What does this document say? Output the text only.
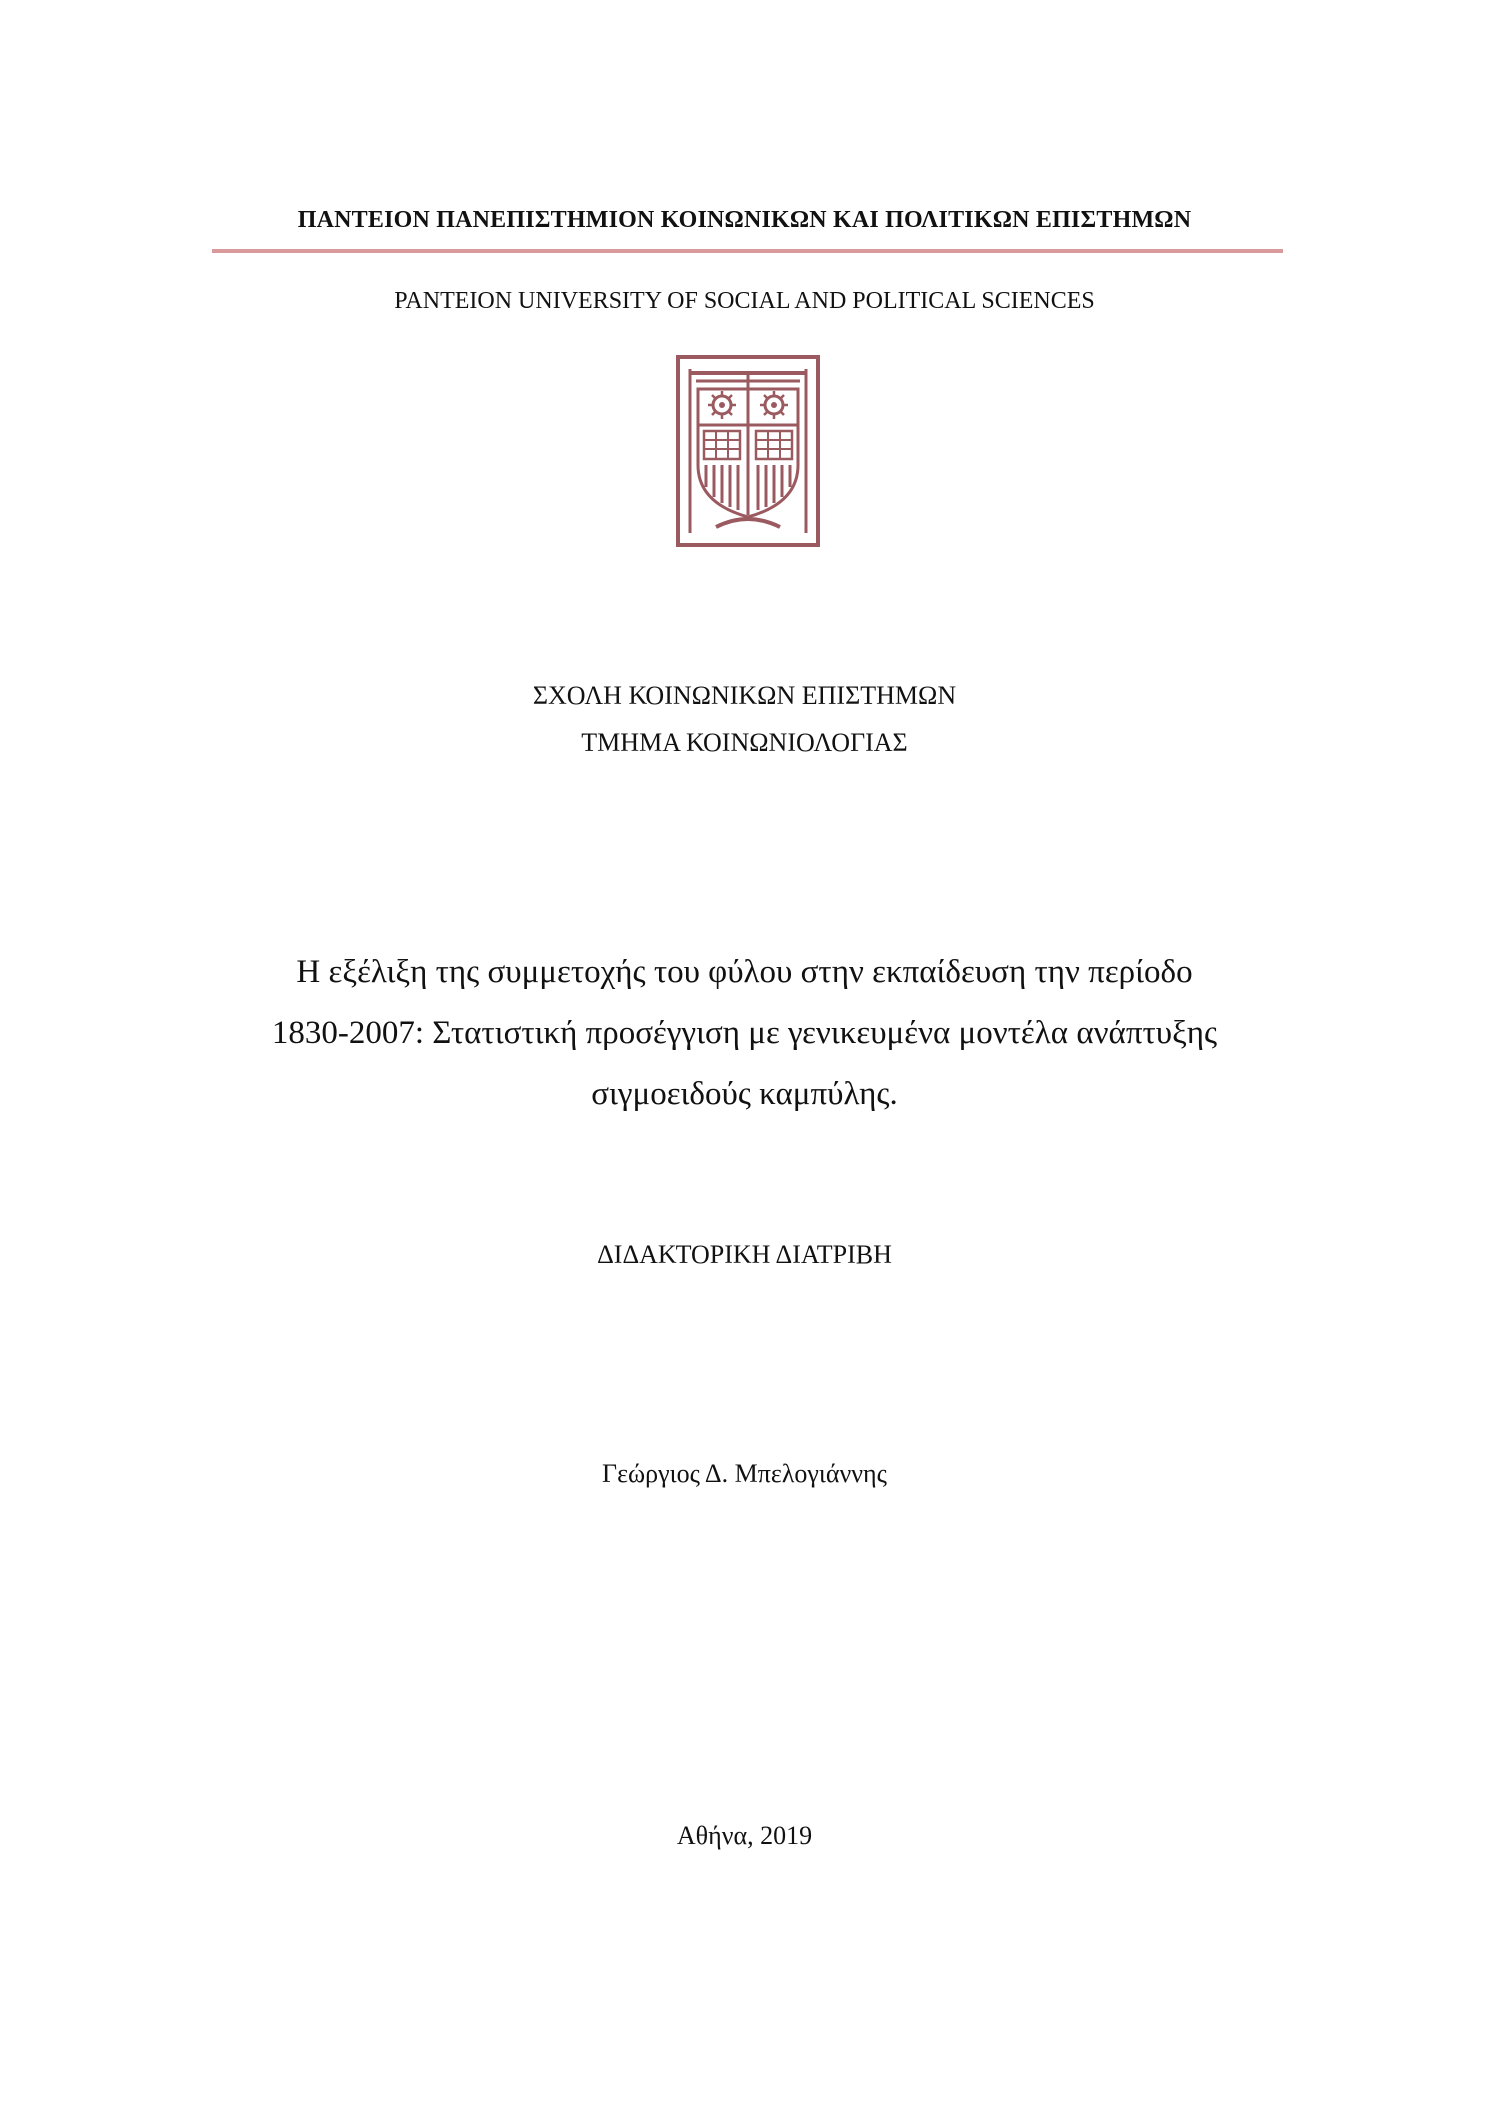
ΠΑΝΤΕΙΟΝ ΠΑΝΕΠΙΣΤΗΜΙΟΝ ΚΟΙΝΩΝΙΚΩΝ ΚΑΙ ΠΟΛΙΤΙΚΩΝ ΕΠΙΣΤΗΜΩΝ
PANTEION UNIVERSITY OF SOCIAL AND POLITICAL SCIENCES
ΣΧΟΛΗ ΚΟΙΝΩΝΙΚΩΝ ΕΠΙΣΤΗΜΩΝ
ΤΜΗΜΑ ΚΟΙΝΩΝΙΟΛΟΓΙΑΣ
Η εξέλιξη της συμμετοχής του φύλου στην εκπαίδευση την περίοδο
1830-2007: Στατιστική προσέγγιση με γενικευμένα μοντέλα ανάπτυξης
σιγμοειδούς καμπύλης.
ΔΙΔΑΚΤΟΡΙΚΗ ΔΙΑΤΡΙΒΗ
Γεώργιος Δ. Μπελογιάννης
Αθήνα, 2019
